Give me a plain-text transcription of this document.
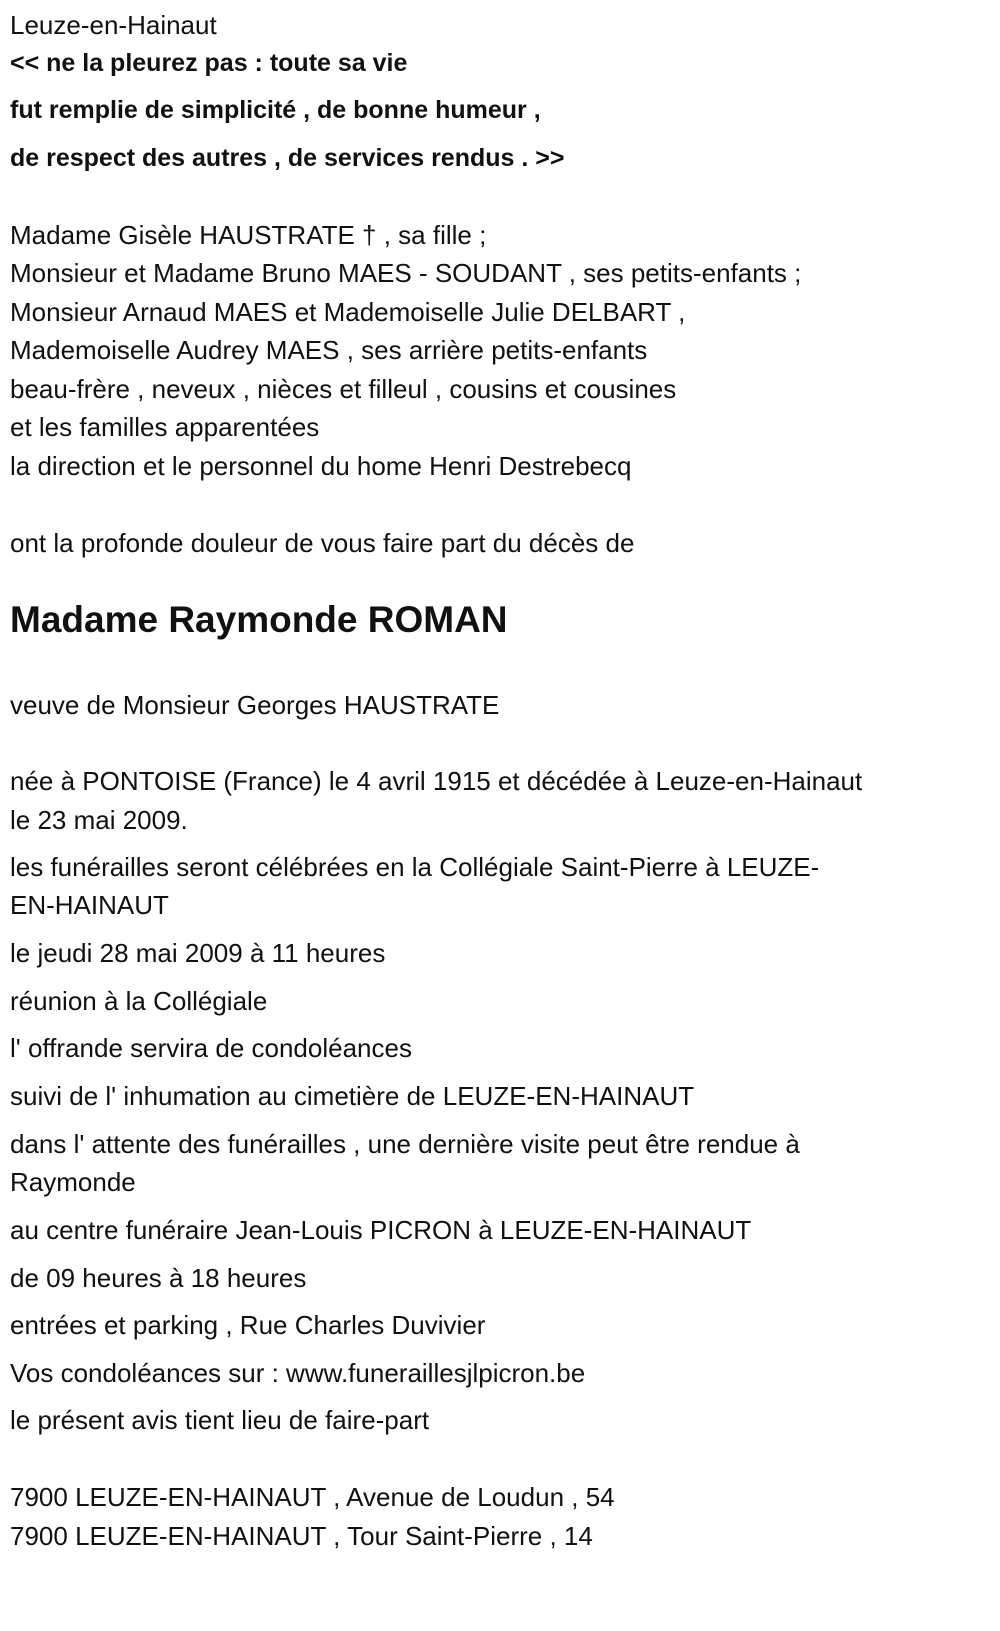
Leuze-en-Hainaut
<< ne la pleurez pas : toute sa vie
fut remplie de simplicité , de bonne humeur ,
de respect des autres , de services rendus . >>
Madame Gisèle HAUSTRATE † , sa fille ;
Monsieur et Madame Bruno MAES - SOUDANT , ses petits-enfants ;
Monsieur Arnaud MAES et Mademoiselle Julie DELBART ,
Mademoiselle Audrey MAES , ses arrière petits-enfants
beau-frère , neveux , nièces et filleul , cousins et cousines
et les familles apparentées
la direction et le personnel du home Henri Destrebecq
ont la profonde douleur de vous faire part du décès de
Madame Raymonde ROMAN
veuve de Monsieur Georges HAUSTRATE
née à PONTOISE (France) le 4 avril 1915 et décédée à Leuze-en-Hainaut
le 23 mai 2009.
les funérailles seront célébrées en la Collégiale Saint-Pierre à LEUZE-
EN-HAINAUT
le jeudi 28 mai 2009 à 11 heures
réunion à la Collégiale
l' offrande servira de condoléances
suivi de l' inhumation au cimetière de LEUZE-EN-HAINAUT
dans l' attente des funérailles , une dernière visite peut être rendue à
Raymonde
au centre funéraire Jean-Louis PICRON à LEUZE-EN-HAINAUT
de 09 heures à 18 heures
entrées et parking , Rue Charles Duvivier
Vos condoléances sur : www.funeraillesjlpicron.be
le présent avis tient lieu de faire-part
7900 LEUZE-EN-HAINAUT , Avenue de Loudun , 54
7900 LEUZE-EN-HAINAUT , Tour Saint-Pierre , 14
